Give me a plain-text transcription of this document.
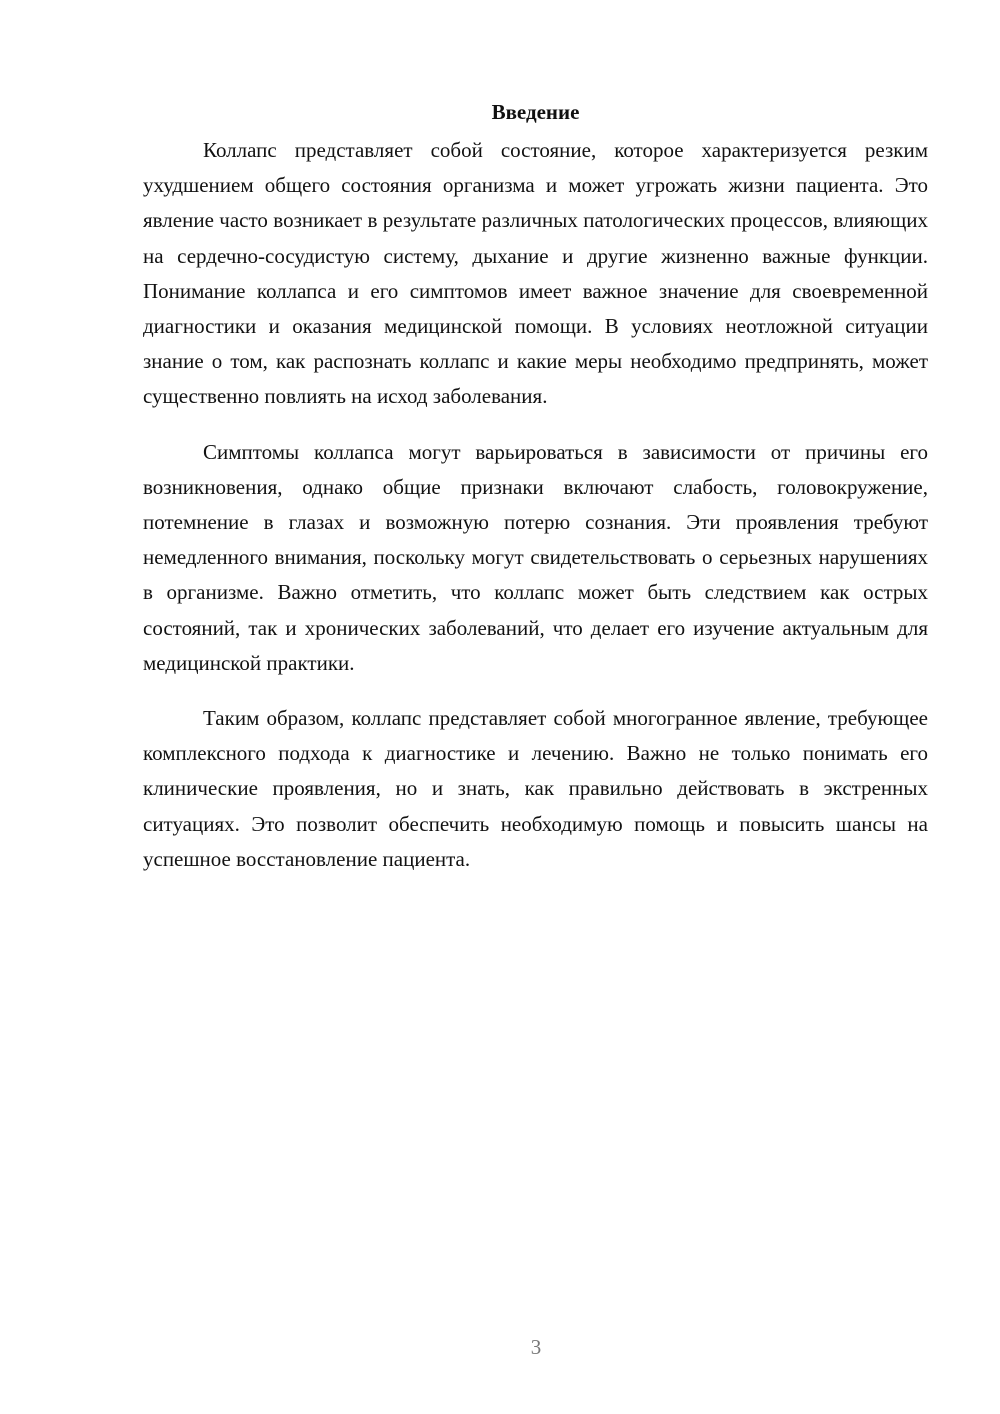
Введение

Коллапс представляет собой состояние, которое характеризуется резким ухудшением общего состояния организма и может угрожать жизни пациента. Это явление часто возникает в результате различных патологических процессов, влияющих на сердечно-сосудистую систему, дыхание и другие жизненно важные функции. Понимание коллапса и его симптомов имеет важное значение для своевременной диагностики и оказания медицинской помощи. В условиях неотложной ситуации знание о том, как распознать коллапс и какие меры необходимо предпринять, может существенно повлиять на исход заболевания.

Симптомы коллапса могут варьироваться в зависимости от причины его возникновения, однако общие признаки включают слабость, головокружение, потемнение в глазах и возможную потерю сознания. Эти проявления требуют немедленного внимания, поскольку могут свидетельствовать о серьезных нарушениях в организме. Важно отметить, что коллапс может быть следствием как острых состояний, так и хронических заболеваний, что делает его изучение актуальным для медицинской практики.

Таким образом, коллапс представляет собой многогранное явление, требующее комплексного подхода к диагностике и лечению. Важно не только понимать его клинические проявления, но и знать, как правильно действовать в экстренных ситуациях. Это позволит обеспечить необходимую помощь и повысить шансы на успешное восстановление пациента.

3
